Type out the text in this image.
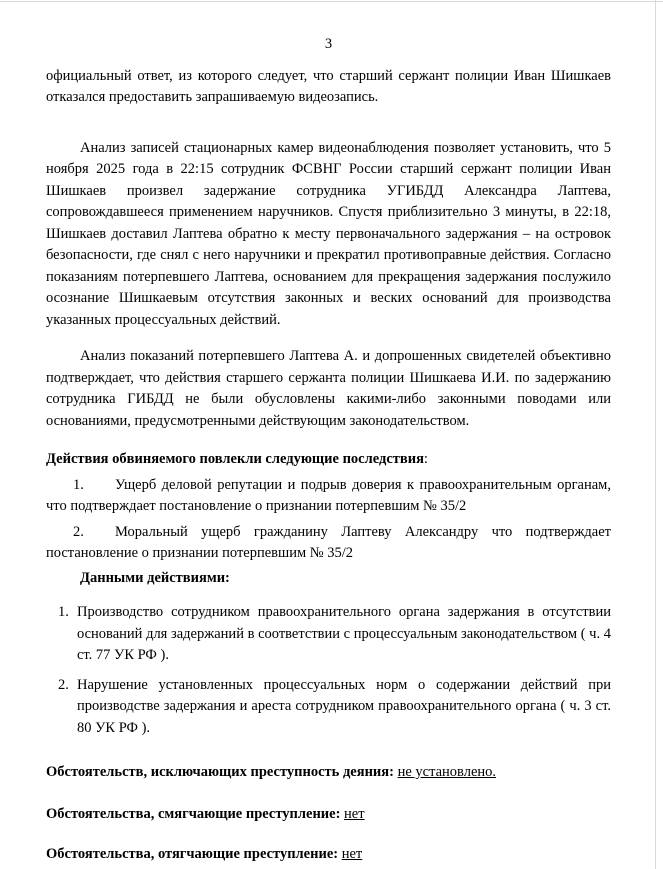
3

официальный ответ, из которого следует, что старший сержант полиции Иван Шишкаев отказался предоставить запрашиваемую видеозапись.

Анализ записей стационарных камер видеонаблюдения позволяет установить, что 5 ноября 2025 года в 22:15 сотрудник ФСВНГ России старший сержант полиции Иван Шишкаев произвел задержание сотрудника УГИБДД Александра Лаптева, сопровождавшееся применением наручников. Спустя приблизительно 3 минуты, в 22:18, Шишкаев доставил Лаптева обратно к месту первоначального задержания – на островок безопасности, где снял с него наручники и прекратил противоправные действия. Согласно показаниям потерпевшего Лаптева, основанием для прекращения задержания послужило осознание Шишкаевым отсутствия законных и веских оснований для производства указанных процессуальных действий.

Анализ показаний потерпевшего Лаптева А. и допрошенных свидетелей объективно подтверждает, что действия старшего сержанта полиции Шишкаева И.И. по задержанию сотрудника ГИБДД не были обусловлены какими-либо законными поводами или основаниями, предусмотренными действующим законодательством.

Действия обвиняемого повлекли следующие последствия:

1. Ущерб деловой репутации и подрыв доверия к правоохранительным органам, что подтверждает постановление о признании потерпевшим № 35/2

2. Моральный ущерб гражданину Лаптеву Александру что подтверждает постановление о признании потерпевшим № 35/2

Данными действиями:

1. Производство сотрудником правоохранительного органа задержания в отсутствии оснований для задержаний в соответствии с процессуальным законодательством ( ч. 4 ст. 77 УК РФ ).

2. Нарушение установленных процессуальных норм о содержании действий при производстве задержания и ареста сотрудником правоохранительного органа ( ч. 3 ст. 80 УК РФ ).

Обстоятельств, исключающих преступность деяния: не установлено.

Обстоятельства, смягчающие преступление: нет

Обстоятельства, отягчающие преступление: нет
